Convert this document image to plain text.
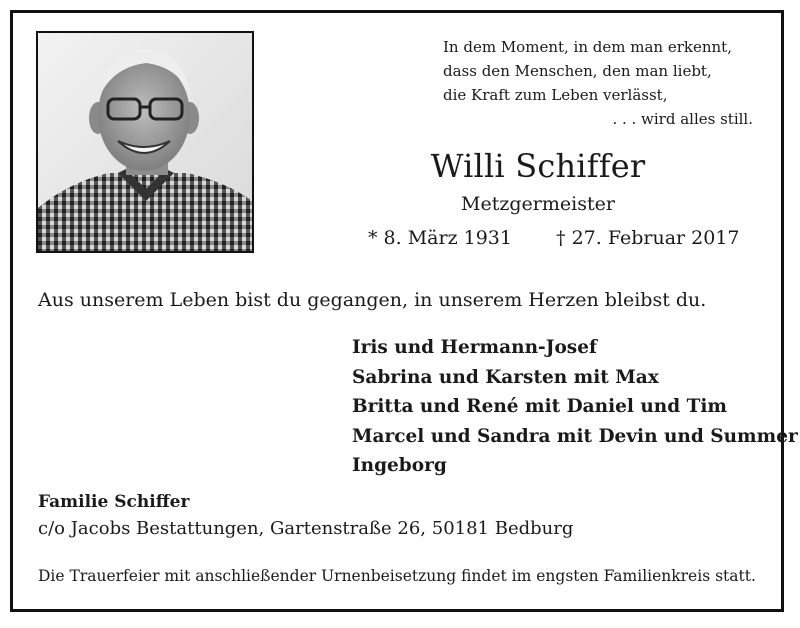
In dem Moment, in dem man erkennt,
dass den Menschen, den man liebt,
die Kraft zum Leben verlässt,
. . . wird alles still.
Willi Schiffer
Metzgermeister
* 8. März 1931 † 27. Februar 2017
Aus unserem Leben bist du gegangen, in unserem Herzen bleibst du.
Iris und Hermann-Josef
Sabrina und Karsten mit Max
Britta und René mit Daniel und Tim
Marcel und Sandra mit Devin und Summer
Ingeborg
Familie Schiffer
c/o Jacobs Bestattungen, Gartenstraße 26, 50181 Bedburg
Die Trauerfeier mit anschließender Urnenbeisetzung findet im engsten Familienkreis statt.
